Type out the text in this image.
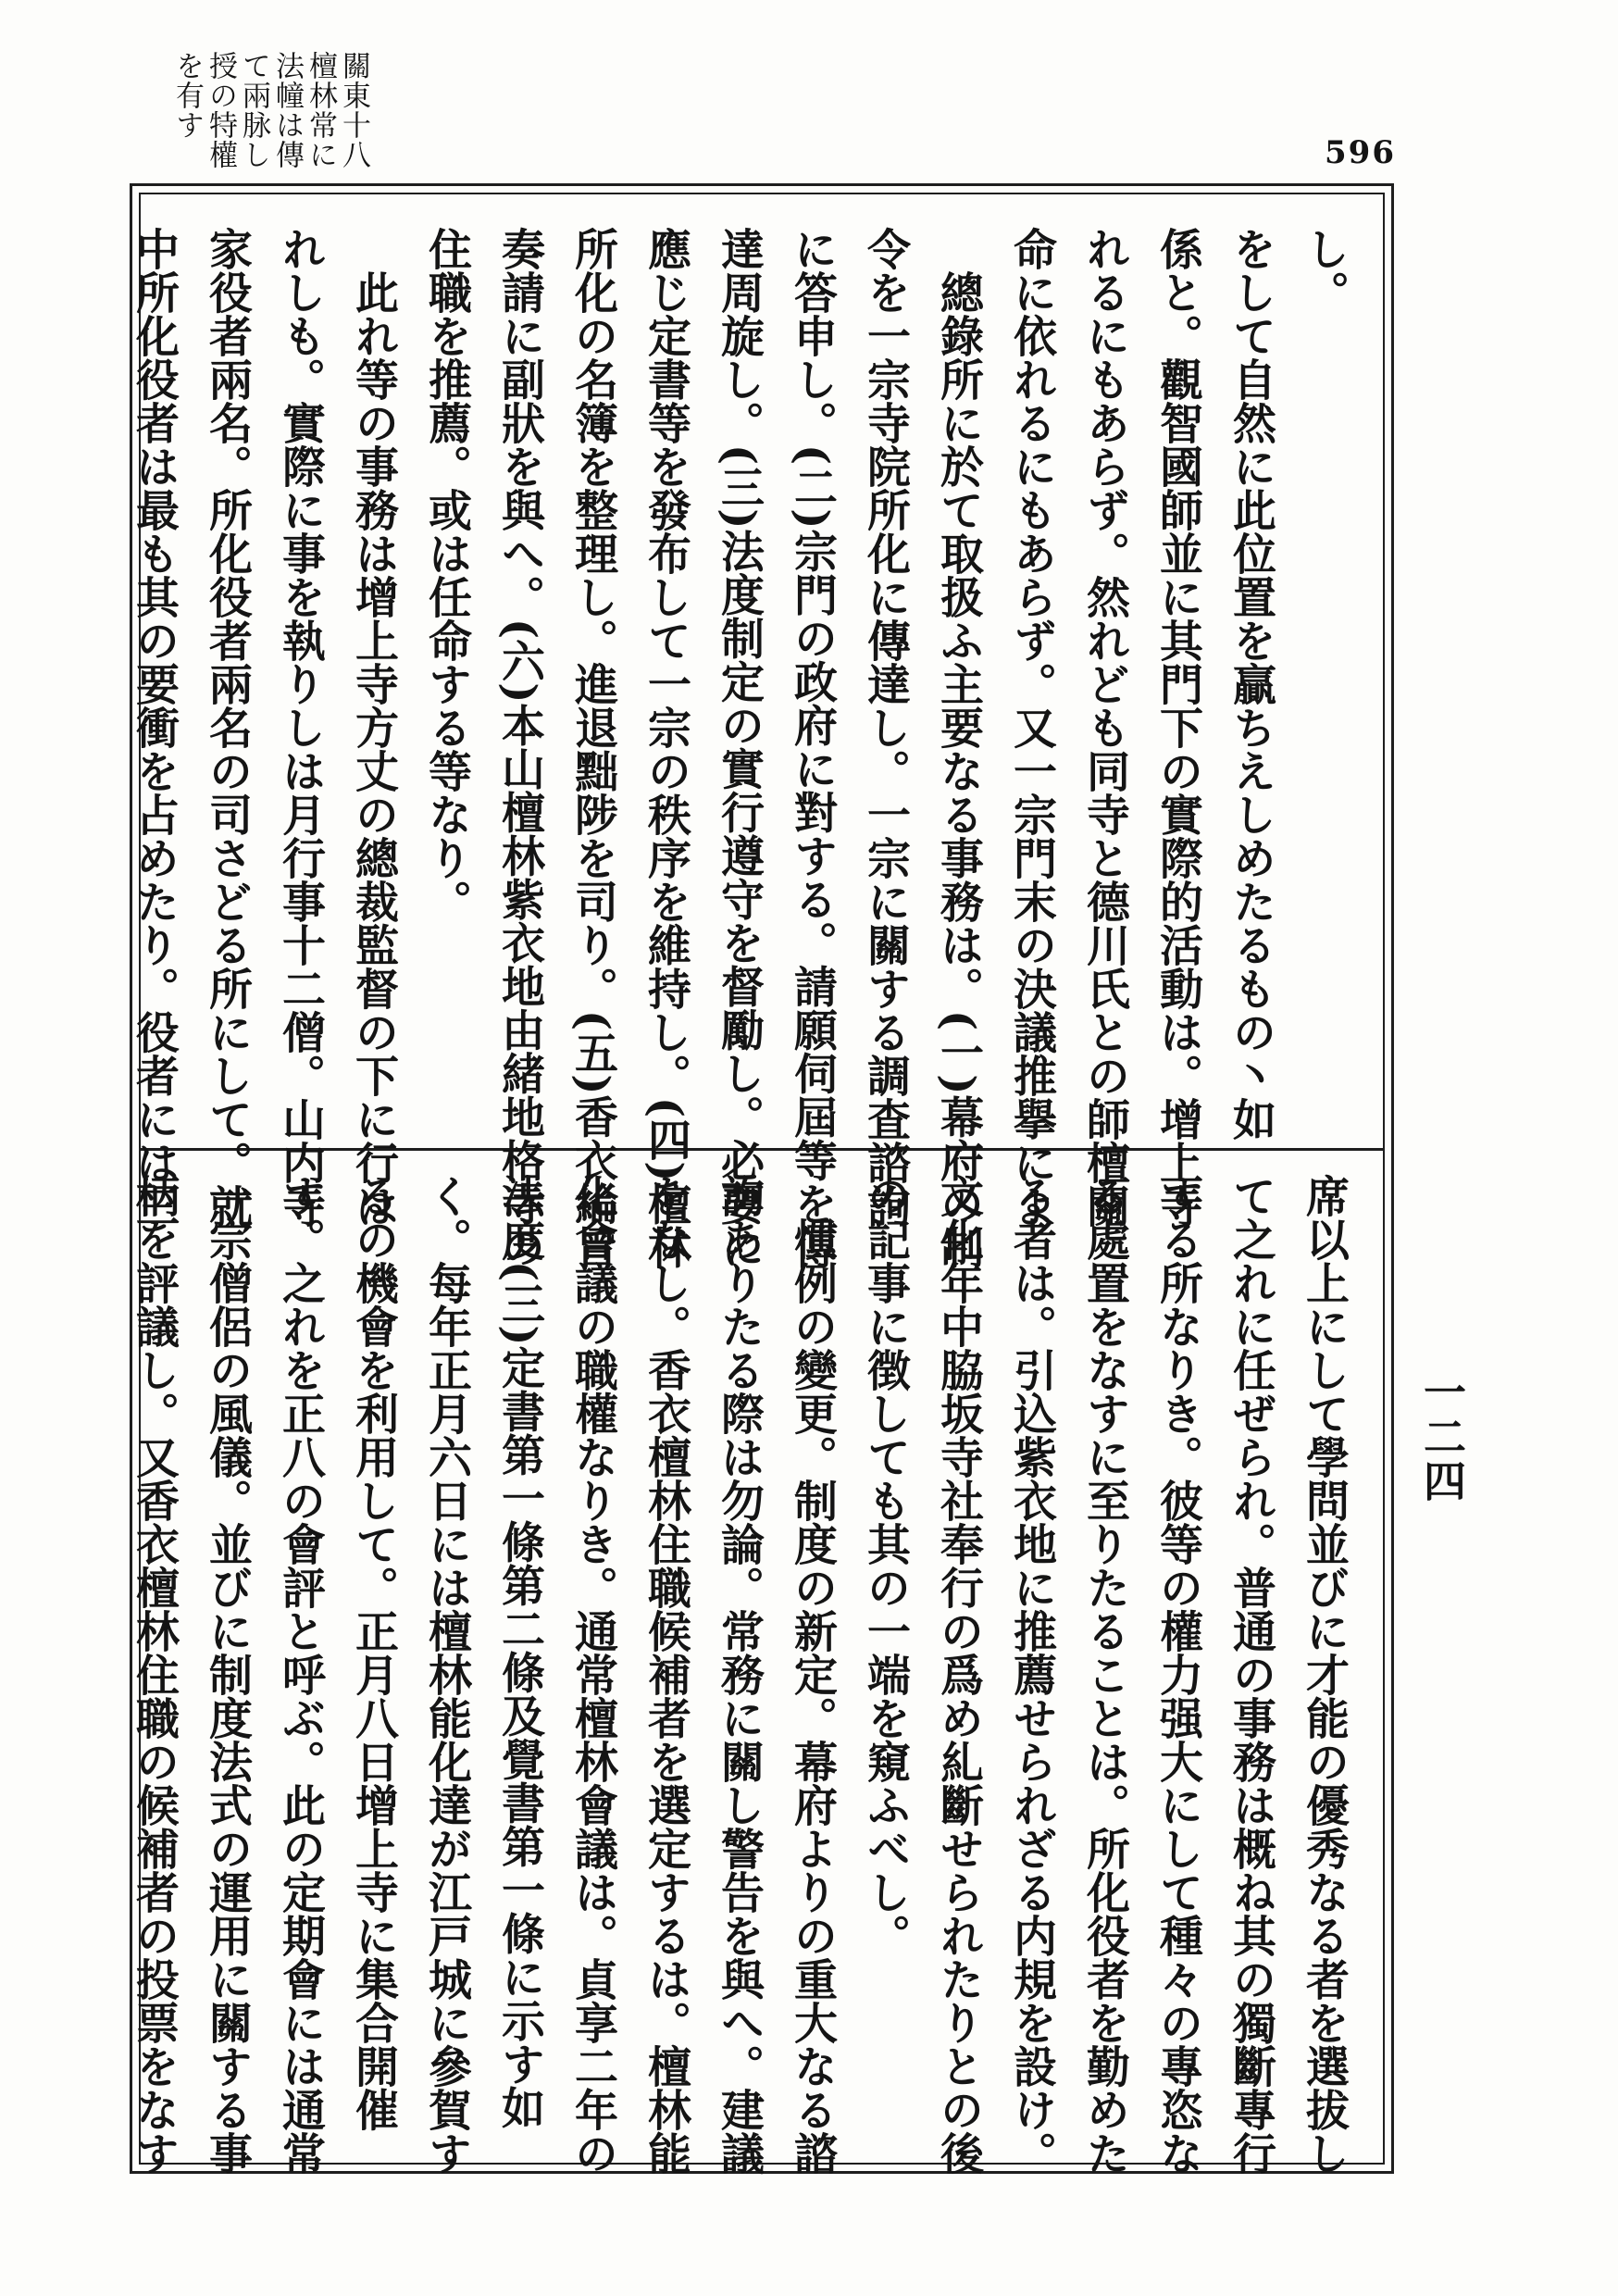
關東十八
檀林常に
法幢は傳
て兩脉し
授の特權
を有す
596

し。

をして自然に此位置を贏ちえしめたるもの丶如

係と。觀智國師並に其門下の實際的活動は。增上寺

れるにもあらず。然れども同寺と德川氏との師檀關

命に依れるにもあらず。又一宗門末の決議推擧によ

　總錄所に於て取扱ふ主要なる事務は。(一)幕府の制

令を一宗寺院所化に傳達し。一宗に關する調査諮詢

に答申し。(二)宗門の政府に對する。請願伺屆等を傳

達周旋し。(三)法度制定の實行遵守を督勵し。必要に

應じ定書等を發布して一宗の秩序を維持し。(四)檀林

所化の名簿を整理し。進退黜陟を司り。(五)香衣綸旨

奏請に副狀を與へ。(六)本山檀林紫衣地由緒地格寺の

住職を推薦。或は任命する等なり。

　此れ等の事務は增上寺方丈の總裁監督の下に行は

れしも。實際に事を執りしは月行事十二僧。山内寺

家役者兩名。所化役者兩名の司さどる所にして。就

中所化役者は最も其の要衝を占めたり。役者には三

席以上にして學問並びに才能の優秀なる者を選拔し

て之れに任ぜられ。普通の事務は概ね其の獨斷專行

する所なりき。彼等の權力强大にして種々の專恣な

る處置をなすに至りたることは。所化役者を勤めた

る者は。引込紫衣地に推薦せられざる内規を設け。

文化年中脇坂寺社奉行の爲め糺斷せられたりとの後

の記事に徴しても其の一端を窺ふべし。

　慣例の變更。制度の新定。幕府よりの重大なる諮

詢ありたる際は勿論。常務に關し警告を與へ。建議

をなし。香衣檀林住職候補者を選定するは。檀林能

化會議の職權なりき。通常檀林會議は。貞享二年の

法度(三)定書第一條第二條及覺書第一條に示す如

く。每年正月六日には檀林能化達が江戸城に參賀す

るの機會を利用して。正月八日增上寺に集合開催

す。之れを正八の會評と呼ぶ。此の定期會には通常

一宗僧侶の風儀。並びに制度法式の運用に關する事

柄を評議し。又香衣檀林住職の候補者の投票をなす	一二四
